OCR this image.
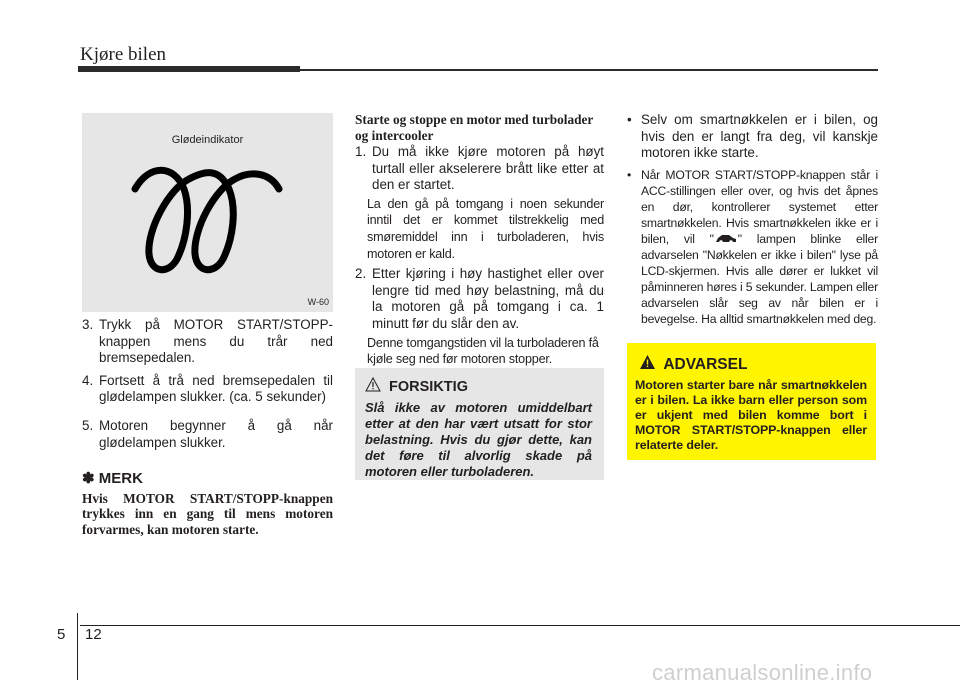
Kjøre bilen
Glødeindikator
W-60
3. Trykk på MOTOR START/STOPP-knappen mens du trår ned bremsepedalen.
4. Fortsett å trå ned bremsepedalen til glødelampen slukker. (ca. 5 sekunder)
5. Motoren begynner å gå når glødelampen slukker.
✽ MERK
Hvis MOTOR START/STOPP-knappen trykkes inn en gang til mens motoren forvarmes, kan motoren starte.
Starte og stoppe en motor med turbolader og intercooler
1. Du må ikke kjøre motoren på høyt turtall eller akselerere brått like etter at den er startet.
La den gå på tomgang i noen sekunder inntil det er kommet tilstrekkelig med smøremiddel inn i turboladeren, hvis motoren er kald.
2. Etter kjøring i høy hastighet eller over lengre tid med høy belastning, må du la motoren gå på tomgang i ca. 1 minutt før du slår den av.
Denne tomgangstiden vil la turboladeren få kjøle seg ned før motoren stopper.
FORSIKTIG
Slå ikke av motoren umiddelbart etter at den har vært utsatt for stor belastning. Hvis du gjør dette, kan det føre til alvorlig skade på motoren eller turboladeren.
• Selv om smartnøkkelen er i bilen, og hvis den er langt fra deg, vil kanskje motoren ikke starte.
• Når MOTOR START/STOPP-knappen står i ACC-stillingen eller over, og hvis det åpnes en dør, kontrollerer systemet etter smartnøkkelen. Hvis smartnøkkelen ikke er i bilen, vil " " lampen blinke eller advarselen "Nøkkelen er ikke i bilen" lyse på LCD-skjermen. Hvis alle dører er lukket vil påminneren høres i 5 sekunder. Lampen eller advarselen slår seg av når bilen er i bevegelse. Ha alltid smartnøkkelen med deg.
ADVARSEL
Motoren starter bare når smartnøkkelen er i bilen. La ikke barn eller person som er ukjent med bilen komme bort i MOTOR START/STOPP-knappen eller relaterte deler.
5 12
carmanualsonline.info
